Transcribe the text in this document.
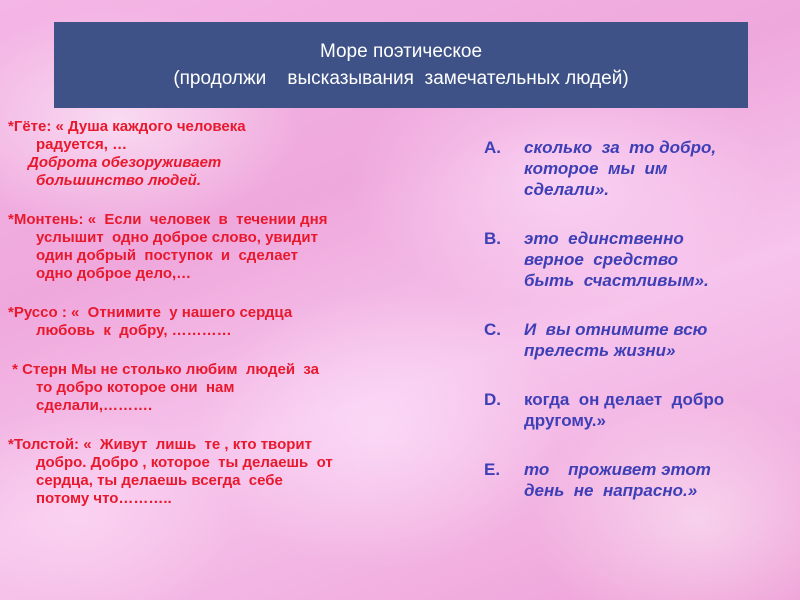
Море поэтическое
(продолжи    высказывания  замечательных людей)
*Гёте: « Душа каждого человека
радуется, …
Доброта обезоруживает
большинство людей.
*Монтень: «  Если  человек  в  течении дня
услышит  одно доброе слово, увидит
один добрый  поступок  и  сделает
одно доброе дело,…
*Руссо : «  Отнимите  у нашего сердца
любовь  к  добру, …………
* Стерн Мы не столько любим  людей  за
то добро которое они  нам
сделали,……….
*Толстой: «  Живут  лишь  те , кто творит
добро. Добро , которое  ты делаешь  от
сердца, ты делаешь всегда  себе
потому что………..
A.	сколько  за  то добро,
которое  мы  им
сделали».
B.	это  единственно
верное  средство
быть  счастливым».
C.	И  вы отнимите всю
прелесть жизни»
D.	когда  он делает  добро
другому.»
E.	то    проживет этот
день  не  напрасно.»
